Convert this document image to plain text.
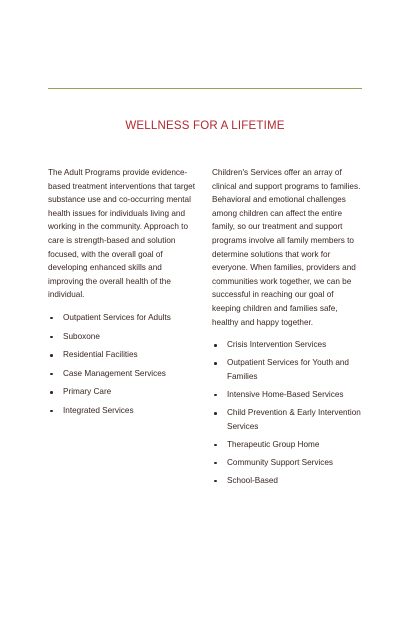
WELLNESS FOR A LIFETIME

The Adult Programs provide evidence-based treatment interventions that target substance use and co-occurring mental health issues for individuals living and working in the community. Approach to care is strength-based and solution focused, with the overall goal of developing enhanced skills and improving the overall health of the individual.

Outpatient Services for Adults
Suboxone
Residential Facilities
Case Management Services
Primary Care
Integrated Services

Children's Services offer an array of clinical and support programs to families. Behavioral and emotional challenges among children can affect the entire family, so our treatment and support programs involve all family members to determine solutions that work for everyone. When families, providers and communities work together, we can be successful in reaching our goal of keeping children and families safe, healthy and happy together.

Crisis Intervention Services
Outpatient Services for Youth and Families
Intensive Home-Based Services
Child Prevention & Early Intervention Services
Therapeutic Group Home
Community Support Services
School-Based
